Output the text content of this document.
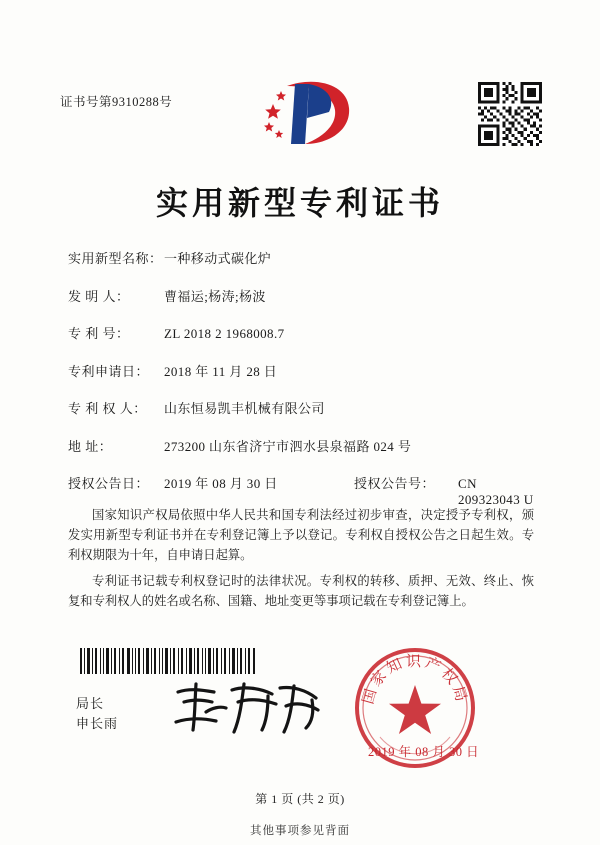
证书号第9310288号
实用新型专利证书
实用新型名称： 一种移动式碳化炉
发 明 人：	曹福运;杨涛;杨波
专 利 号：	ZL 2018 2 1968008.7
专利申请日：	2018 年 11 月 28 日
专 利 权 人：	山东恒易凯丰机械有限公司
地 址：	273200 山东省济宁市泗水县泉福路 024 号
授权公告日：	2019 年 08 月 30 日	授权公告号：	CN 209323043 U

国家知识产权局依照中华人民共和国专利法经过初步审查，决定授予专利权，颁发实用新型专利证书并在专利登记簿上予以登记。专利权自授权公告之日起生效。专利权期限为十年，自申请日起算。

专利证书记载专利权登记时的法律状况。专利权的转移、质押、无效、终止、恢复和专利权人的姓名或名称、国籍、地址变更等事项记载在专利登记簿上。

局长
申长雨
国家知识产权局
2019 年 08 月 30 日
第 1 页 (共 2 页)
其他事项参见背面
